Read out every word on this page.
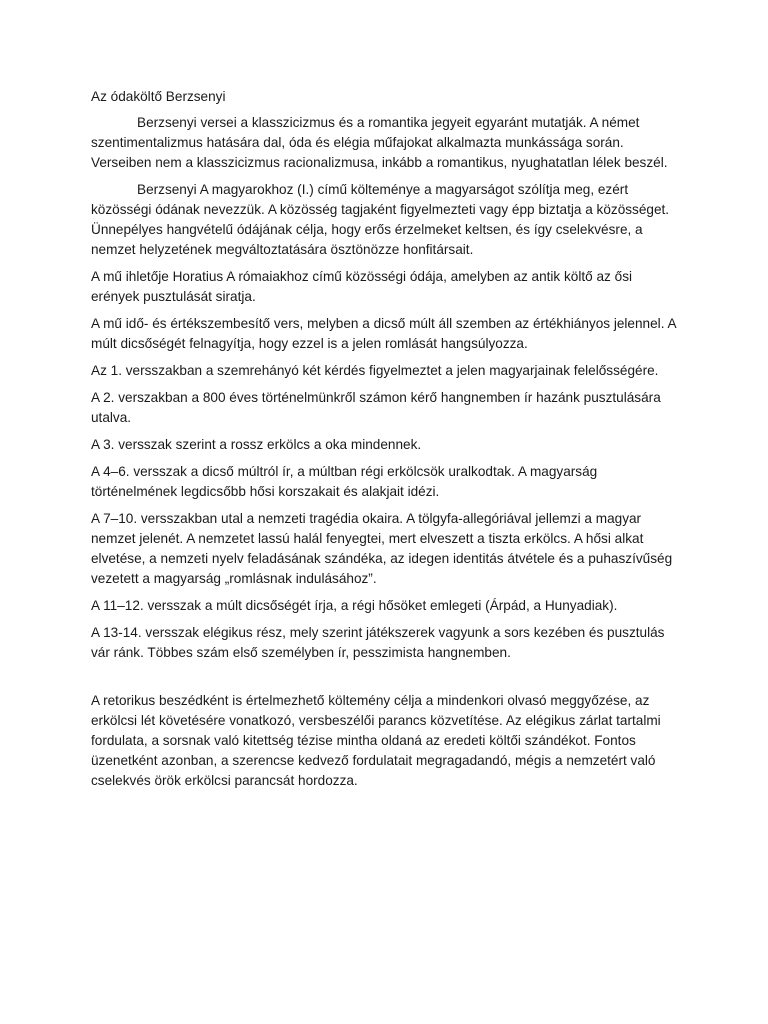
Az ódaköltő Berzsenyi

Berzsenyi versei a klasszicizmus és a romantika jegyeit egyaránt mutatják. A német szentimentalizmus hatására dal, óda és elégia műfajokat alkalmazta munkássága során. Verseiben nem a klasszicizmus racionalizmusa, inkább a romantikus, nyughatatlan lélek beszél.

Berzsenyi A magyarokhoz (I.) című költeménye a magyarságot szólítja meg, ezért közösségi ódának nevezzük. A közösség tagjaként figyelmezteti vagy épp biztatja a közösséget. Ünnepélyes hangvételű ódájának célja, hogy erős érzelmeket keltsen, és így cselekvésre, a nemzet helyzetének megváltoztatására ösztönözze honfitársait.

A mű ihletője Horatius A rómaiakhoz című közösségi ódája, amelyben az antik költő az ősi erények pusztulását siratja.

A mű idő- és értékszembesítő vers, melyben a dicső múlt áll szemben az értékhiányos jelennel. A múlt dicsőségét felnagyítja, hogy ezzel is a jelen romlását hangsúlyozza.

Az 1. versszakban a szemrehányó két kérdés figyelmeztet a jelen magyarjainak felelősségére.

A 2. verszakban a 800 éves történelmünkről számon kérő hangnemben ír hazánk pusztulására utalva.

A 3. versszak szerint a rossz erkölcs a oka mindennek.

A 4–6. versszak a dicső múltról ír, a múltban régi erkölcsök uralkodtak. A magyarság történelmének legdicsőbb hősi korszakait és alakjait idézi.

A 7–10. versszakban utal a nemzeti tragédia okaira. A tölgyfa-allegóriával jellemzi a magyar nemzet jelenét. A nemzetet lassú halál fenyegtei, mert elveszett a tiszta erkölcs. A hősi alkat elvetése, a nemzeti nyelv feladásának szándéka, az idegen identitás átvétele és a puhaszívűség vezetett a magyarság „romlásnak indulásához”.

A 11–12. versszak a múlt dicsőségét írja, a régi hősöket emlegeti (Árpád, a Hunyadiak).

A 13-14. versszak elégikus rész, mely szerint játékszerek vagyunk a sors kezében és pusztulás vár ránk. Többes szám első személyben ír, pesszimista hangnemben.

A retorikus beszédként is értelmezhető költemény célja a mindenkori olvasó meggyőzése, az erkölcsi lét követésére vonatkozó, versbeszélői parancs közvetítése. Az elégikus zárlat tartalmi fordulata, a sorsnak való kitettség tézise mintha oldaná az eredeti költői szándékot. Fontos üzenetként azonban, a szerencse kedvező fordulatait megragadandó, mégis a nemzetért való cselekvés örök erkölcsi parancsát hordozza.
